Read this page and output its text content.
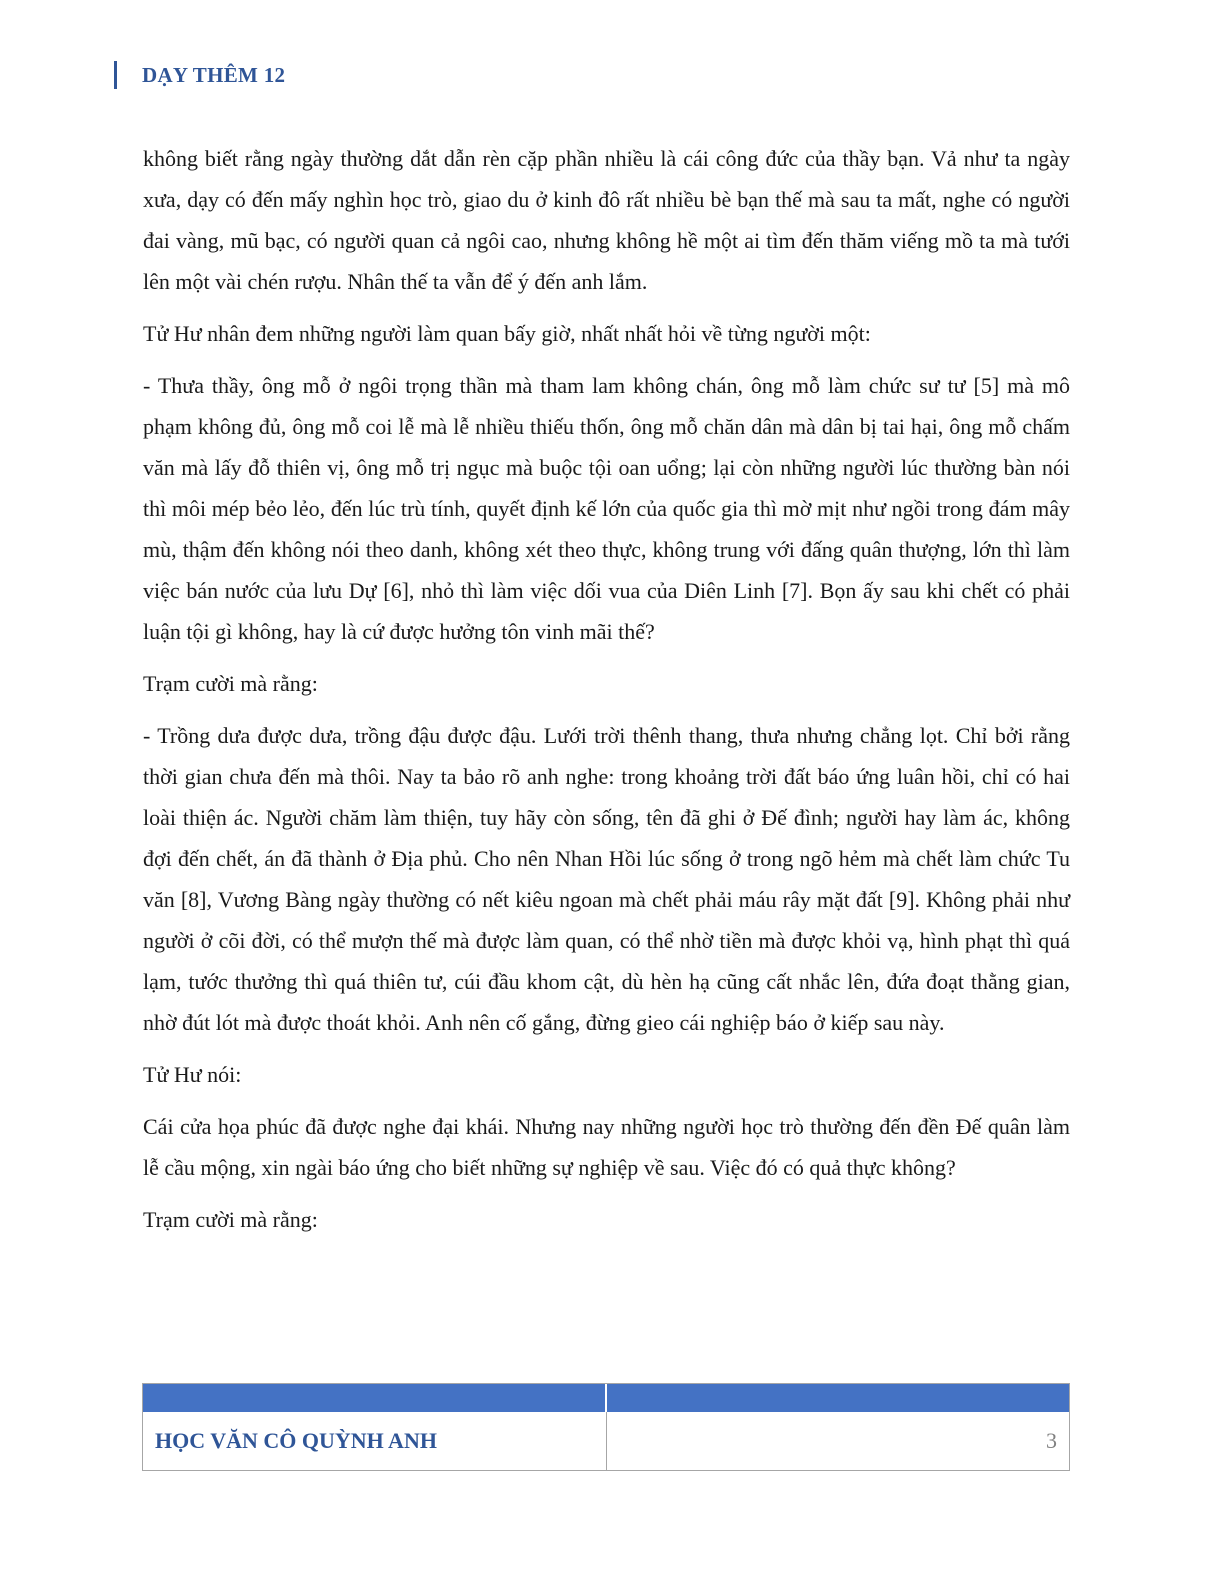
DẠY THÊM 12

không biết rằng ngày thường dắt dẫn rèn cặp phần nhiều là cái công đức của thầy bạn. Vả như ta ngày xưa, dạy có đến mấy nghìn học trò, giao du ở kinh đô rất nhiều bè bạn thế mà sau ta mất, nghe có người đai vàng, mũ bạc, có người quan cả ngôi cao, nhưng không hề một ai tìm đến thăm viếng mồ ta mà tưới lên một vài chén rượu. Nhân thế ta vẫn để ý đến anh lắm.

Tử Hư nhân đem những người làm quan bấy giờ, nhất nhất hỏi về từng người một:

- Thưa thầy, ông mỗ ở ngôi trọng thần mà tham lam không chán, ông mỗ làm chức sư tư [5] mà mô phạm không đủ, ông mỗ coi lễ mà lễ nhiều thiếu thốn, ông mỗ chăn dân mà dân bị tai hại, ông mỗ chấm văn mà lấy đỗ thiên vị, ông mỗ trị ngục mà buộc tội oan uổng; lại còn những người lúc thường bàn nói thì môi mép bẻo lẻo, đến lúc trù tính, quyết định kế lớn của quốc gia thì mờ mịt như ngồi trong đám mây mù, thậm đến không nói theo danh, không xét theo thực, không trung với đấng quân thượng, lớn thì làm việc bán nước của lưu Dự [6], nhỏ thì làm việc dối vua của Diên Linh [7]. Bọn ấy sau khi chết có phải luận tội gì không, hay là cứ được hưởng tôn vinh mãi thế?

Trạm cười mà rằng:

- Trồng dưa được dưa, trồng đậu được đậu. Lưới trời thênh thang, thưa nhưng chẳng lọt. Chỉ bởi rằng thời gian chưa đến mà thôi. Nay ta bảo rõ anh nghe: trong khoảng trời đất báo ứng luân hồi, chỉ có hai loài thiện ác. Người chăm làm thiện, tuy hãy còn sống, tên đã ghi ở Đế đình; người hay làm ác, không đợi đến chết, án đã thành ở Địa phủ. Cho nên Nhan Hồi lúc sống ở trong ngõ hẻm mà chết làm chức Tu văn [8], Vương Bàng ngày thường có nết kiêu ngoan mà chết phải máu rây mặt đất [9]. Không phải như người ở cõi đời, có thể mượn thế mà được làm quan, có thể nhờ tiền mà được khỏi vạ, hình phạt thì quá lạm, tước thưởng thì quá thiên tư, cúi đầu khom cật, dù hèn hạ cũng cất nhắc lên, đứa đoạt thằng gian, nhờ đút lót mà được thoát khỏi. Anh nên cố gắng, đừng gieo cái nghiệp báo ở kiếp sau này.

Tử Hư nói:

Cái cửa họa phúc đã được nghe đại khái. Nhưng nay những người học trò thường đến đền Đế quân làm lễ cầu mộng, xin ngài báo ứng cho biết những sự nghiệp về sau. Việc đó có quả thực không?

Trạm cười mà rằng:

HỌC VĂN CÔ QUỲNH ANH	3
